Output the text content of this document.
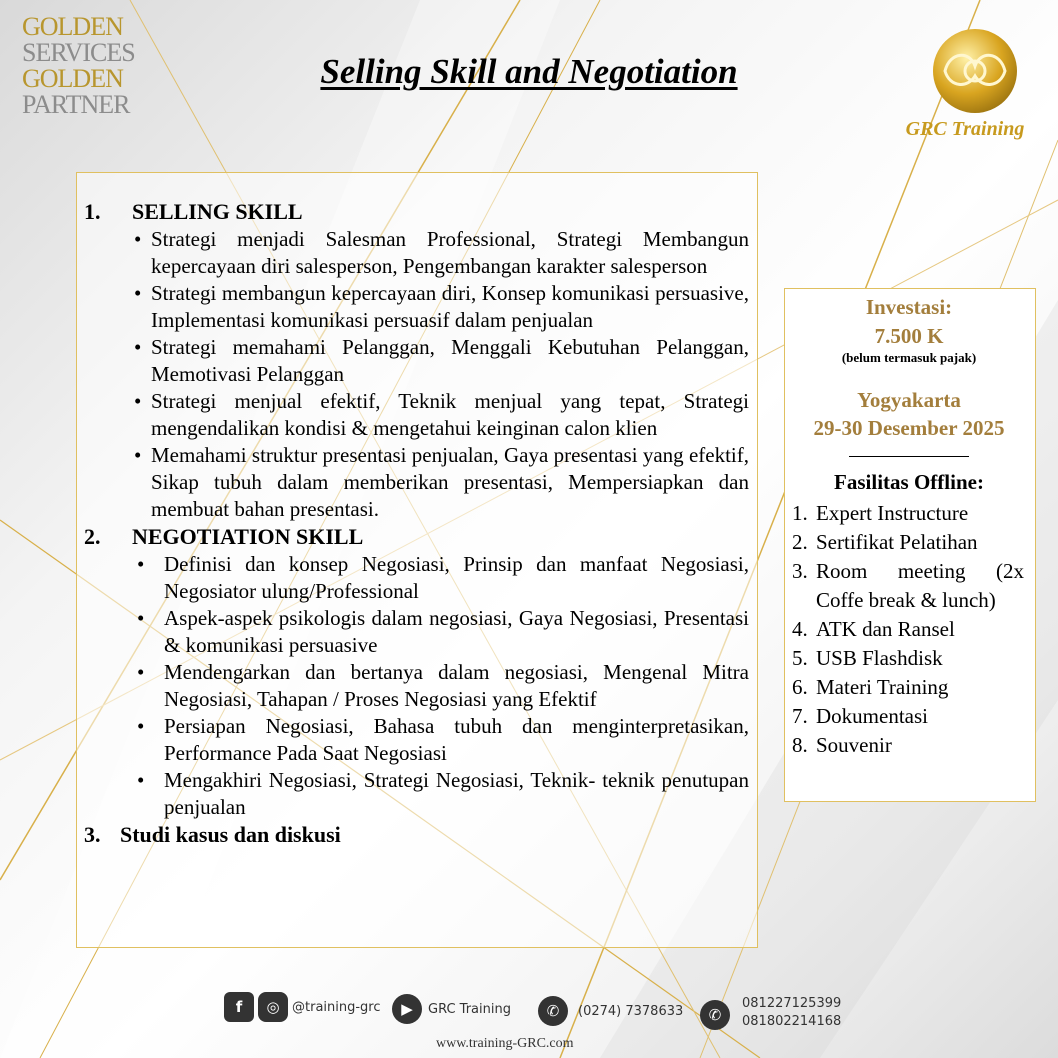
GOLDEN
SERVICES
GOLDEN
PARTNER
Selling Skill and Negotiation
GRC Training
1.	SELLING SKILL
• Strategi menjadi Salesman Professional, Strategi Membangun kepercayaan diri salesperson, Pengembangan karakter salesperson
• Strategi membangun kepercayaan diri, Konsep komunikasi persuasive, Implementasi komunikasi persuasif dalam penjualan
• Strategi memahami Pelanggan, Menggali Kebutuhan Pelanggan, Memotivasi Pelanggan
• Strategi menjual efektif, Teknik menjual yang tepat, Strategi mengendalikan kondisi & mengetahui keinginan calon klien
• Memahami struktur presentasi penjualan, Gaya presentasi yang efektif, Sikap tubuh dalam memberikan presentasi, Mempersiapkan dan membuat bahan presentasi.
2.	NEGOTIATION SKILL
• Definisi dan konsep Negosiasi, Prinsip dan manfaat Negosiasi, Negosiator ulung/Professional
• Aspek-aspek psikologis dalam negosiasi, Gaya Negosiasi, Presentasi & komunikasi persuasive
• Mendengarkan dan bertanya dalam negosiasi, Mengenal Mitra Negosiasi, Tahapan / Proses Negosiasi yang Efektif
• Persiapan Negosiasi, Bahasa tubuh dan menginterpretasikan, Performance Pada Saat Negosiasi
• Mengakhiri Negosiasi, Strategi Negosiasi, Teknik- teknik penutupan penjualan
3. Studi kasus dan diskusi
Investasi:
7.500 K
(belum termasuk pajak)
Yogyakarta
29-30 Desember 2025
Fasilitas Offline:
1. Expert Instructure
2. Sertifikat Pelatihan
3. Room meeting (2x Coffe break & lunch)
4. ATK dan Ransel
5. USB Flashdisk
6. Materi Training
7. Dokumentasi
8. Souvenir
f	◎ @training-grc	▶	GRC Training	✆	(0274) 7378633	✆
081227125399
081802214168
www.training-GRC.com
